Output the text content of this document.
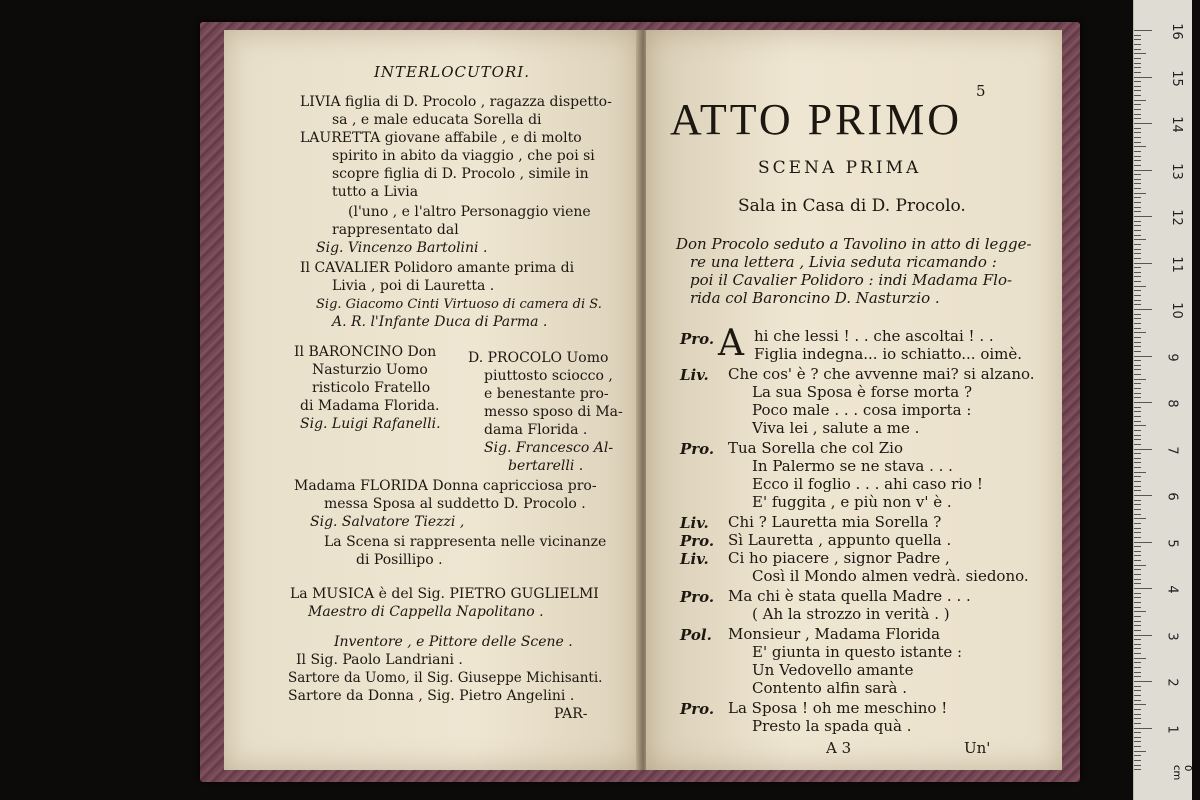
INTERLOCUTORI.
LIVIA figlia di D. Procolo , ragazza dispetto-
sa , e male educata Sorella di
LAURETTA giovane affabile , e di molto
spirito in abito da viaggio , che poi si
scopre figlia di D. Procolo , simile in
tutto a Livia
(l'uno , e l'altro Personaggio viene
rappresentato dal
Sig. Vincenzo Bartolini .
Il CAVALIER Polidoro amante prima di
Livia , poi di Lauretta .
Sig. Giacomo Cinti Virtuoso di camera di S.
A. R. l'Infante Duca di Parma .
Il BARONCINO Don
Nasturzio Uomo
risticolo Fratello
di Madama Florida.
Sig. Luigi Rafanelli.
D. PROCOLO Uomo
piuttosto sciocco ,
e benestante pro-
messo sposo di Ma-
dama Florida .
Sig. Francesco Al-
bertarelli .
Madama FLORIDA Donna capricciosa pro-
messa Sposa al suddetto D. Procolo .
Sig. Salvatore Tiezzi ,
La Scena si rappresenta nelle vicinanze
di Posillipo .
La MUSICA è del Sig. PIETRO GUGLIELMI
Maestro di Cappella Napolitano .
Inventore , e Pittore delle Scene .
Il Sig. Paolo Landriani .
Sartore da Uomo, il Sig. Giuseppe Michisanti.
Sartore da Donna , Sig. Pietro Angelini .
PAR-
5
ATTO PRIMO
SCENA PRIMA
Sala in Casa di D. Procolo.
Don Procolo seduto a Tavolino in atto di legge-
re una lettera , Livia seduta ricamando :
poi il Cavalier Polidoro : indi Madama Flo-
rida col Baroncino D. Nasturzio .
A
Pro.	hi che lessi ! . . che ascoltai ! . .
Figlia indegna... io schiatto... oimè.
Liv. Che cos' è ? che avvenne mai? si alzano.
La sua Sposa è forse morta ?
Poco male . . . cosa importa :
Viva lei , salute a me .
Pro. Tua Sorella che col Zio
In Palermo se ne stava . . .
Ecco il foglio . . . ahi caso rio !
E' fuggita , e più non v' è .
Liv. Chi ? Lauretta mia Sorella ?
Pro. Sì Lauretta , appunto quella .
Liv. Ci ho piacere , signor Padre ,
Così il Mondo almen vedrà. siedono.
Pro. Ma chi è stata quella Madre . . .
( Ah la strozzo in verità . )
Pol. Monsieur , Madama Florida
E' giunta in questo istante :
Un Vedovello amante
Contento alfin sarà .
Pro. La Sposa ! oh me meschino !
Presto la spada quà .
A 3	Un'
0 cm
16
15
14
13
12
11
10
9
8
7
6
5
4
3
2
1
